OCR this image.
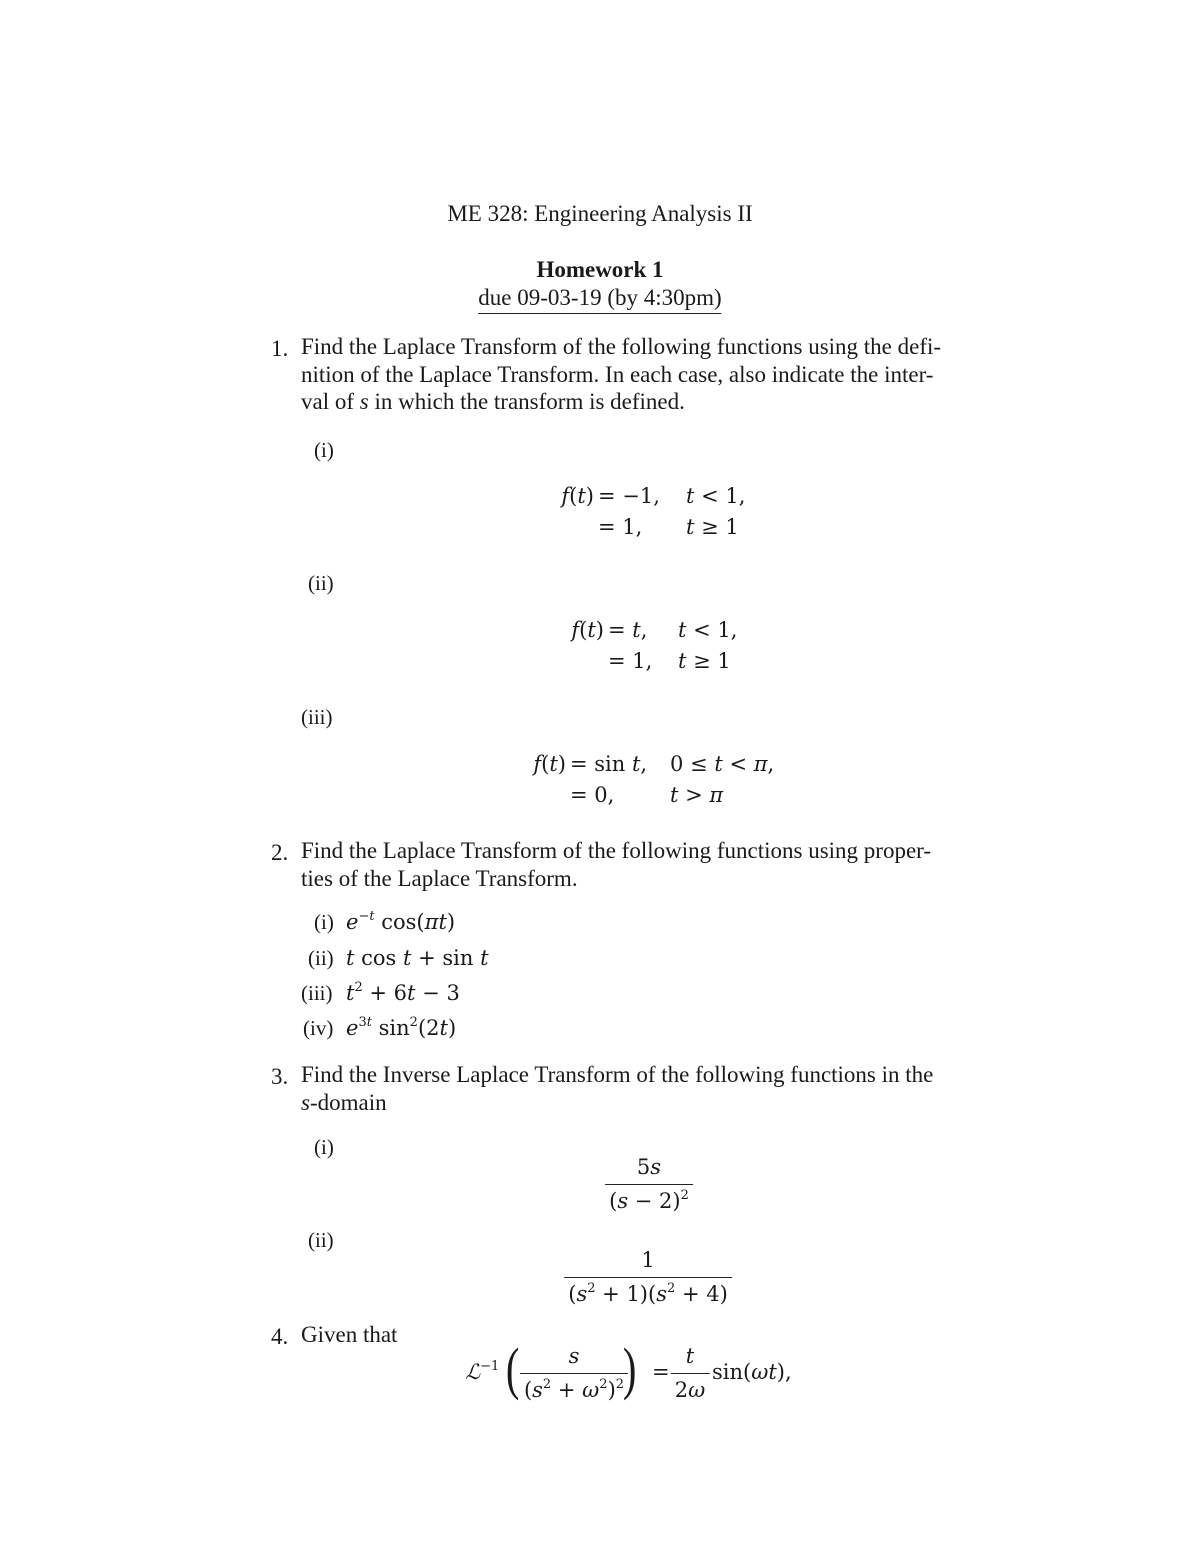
ME 328: Engineering Analysis II
Homework 1
due 09-03-19 (by 4:30pm)
1. Find the Laplace Transform of the following functions using the defi-
nition of the Laplace Transform. In each case, also indicate the inter-
val of s in which the transform is defined.
(i)
f(t) = −1,	t < 1,
= 1,	t ≥ 1
(ii)
f(t) = t,	t < 1,
= 1,	t ≥ 1
(iii)
f(t) = sin t,	0 ≤ t < π,
= 0,	t > π
2. Find the Laplace Transform of the following functions using proper-
ties of the Laplace Transform.
(i) $e^{-t}$ cos(πt)
(ii) t cos t + sin t
(iii) $t^2 + 6t - 3$
(iv) $e^{3t}$ $\sin^2(2t)$
3. Find the Inverse Laplace Transform of the following functions in the
s-domain
(i)
$\frac{5s}{(s - 2)^2}$
(ii)
$\frac{1}{(s^2 + 1)(s^2 + 4)}$
4. Given that
ℒ$^{-1}$ ( $\frac{s}{(s^2 + \omega^2)^2}$
) = $\frac{t}{2\omega} \sin(\omega t)$,
